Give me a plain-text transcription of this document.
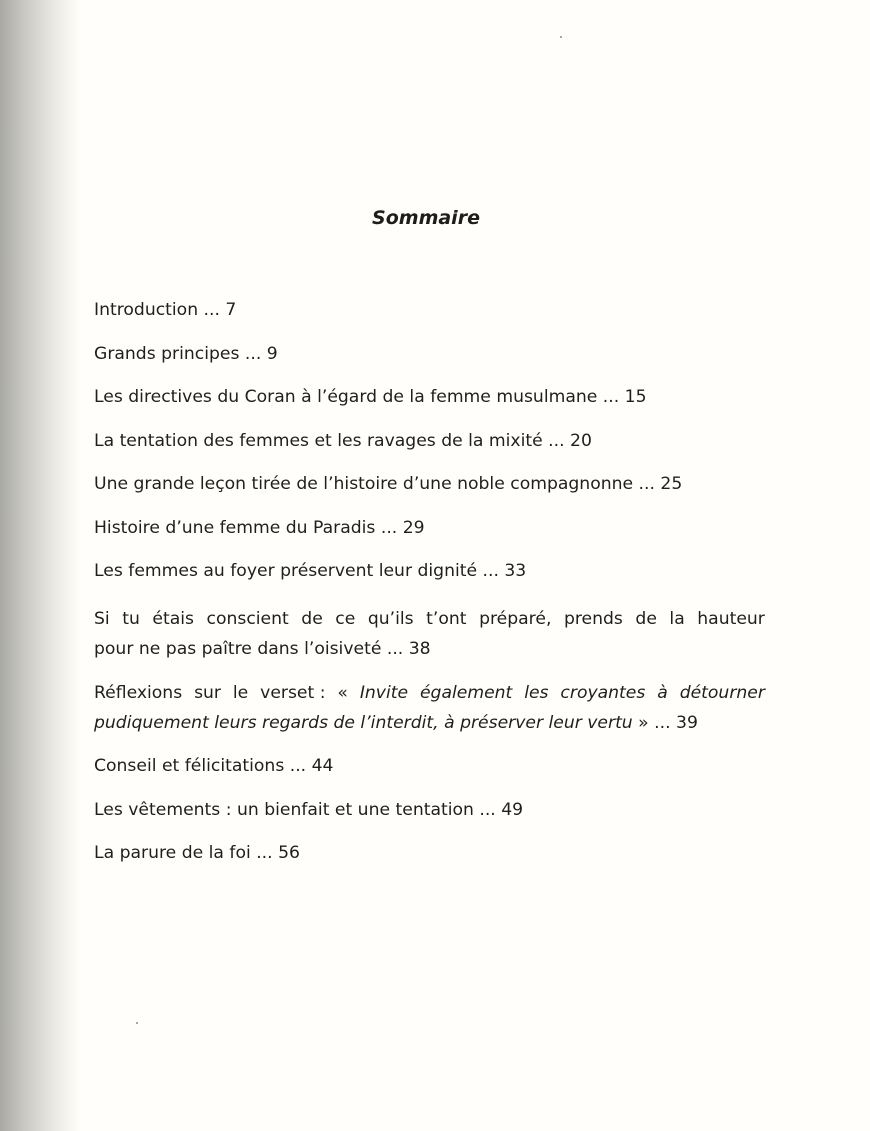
Sommaire

Introduction ... 7

Grands principes ... 9

Les directives du Coran à l’égard de la femme musulmane ... 15

La tentation des femmes et les ravages de la mixité ... 20

Une grande leçon tirée de l’histoire d’une noble compagnonne ... 25

Histoire d’une femme du Paradis ... 29

Les femmes au foyer préservent leur dignité ... 33

Si tu étais conscient de ce qu’ils t’ont préparé, prends de la hauteur
pour ne pas paître dans l’oisiveté ... 38
Réflexions sur le verset : « Invite également les croyantes à détourner
pudiquement leurs regards de l’interdit, à préserver leur vertu » ... 39

Conseil et félicitations ... 44

Les vêtements : un bienfait et une tentation ... 49

La parure de la foi ... 56
